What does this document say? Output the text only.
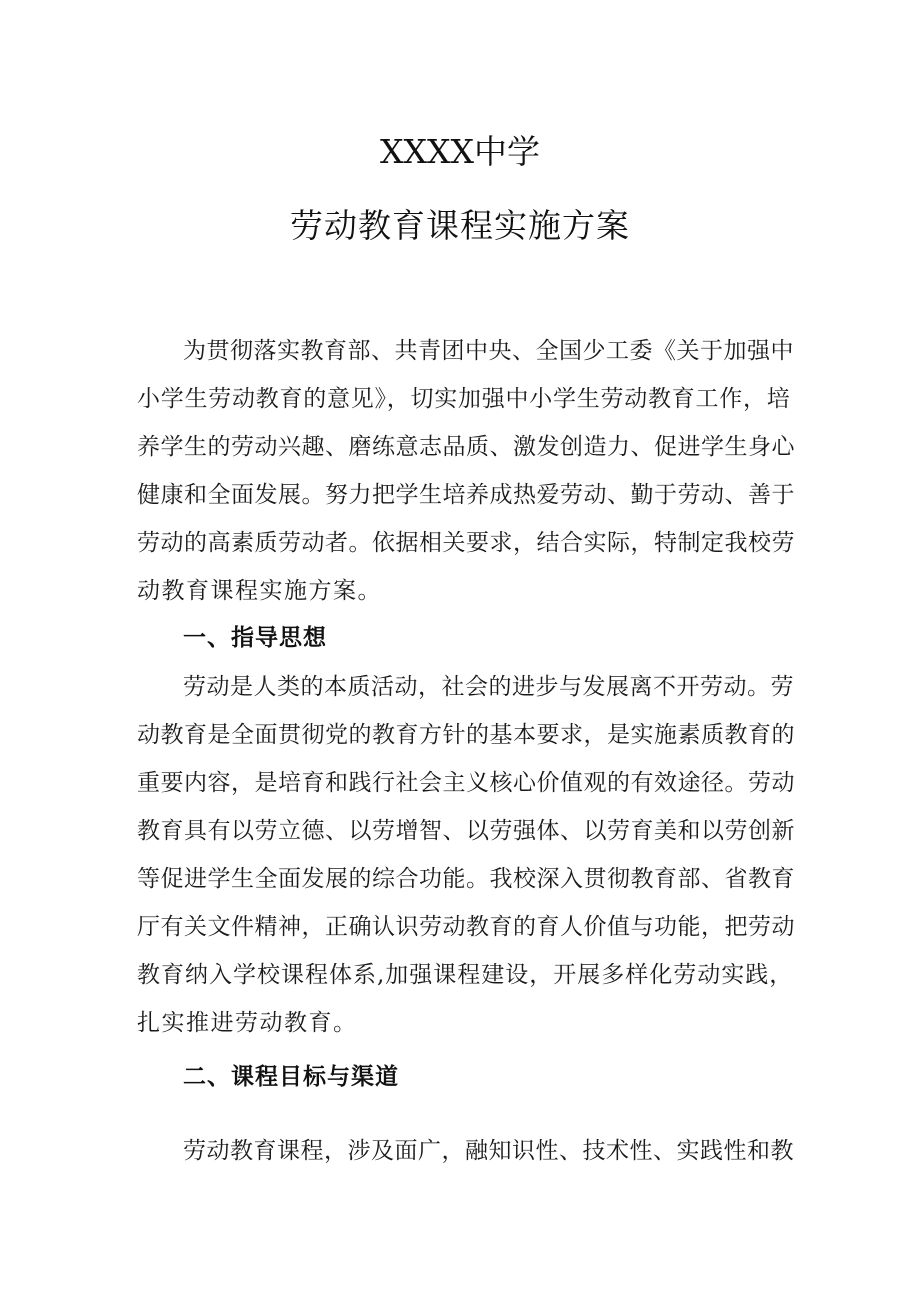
XXXX中学
劳动教育课程实施方案
为贯彻落实教育部、共青团中央、全国少工委《关于加强中
小学生劳动教育的意见》，切实加强中小学生劳动教育工作，培
养学生的劳动兴趣、磨练意志品质、激发创造力、促进学生身心
健康和全面发展。努力把学生培养成热爱劳动、勤于劳动、善于
劳动的高素质劳动者。依据相关要求，结合实际，特制定我校劳
动教育课程实施方案。
一、指导思想
劳动是人类的本质活动，社会的进步与发展离不开劳动。劳
动教育是全面贯彻党的教育方针的基本要求，是实施素质教育的
重要内容，是培育和践行社会主义核心价值观的有效途径。劳动
教育具有以劳立德、以劳增智、以劳强体、以劳育美和以劳创新
等促进学生全面发展的综合功能。我校深入贯彻教育部、省教育
厅有关文件精神，正确认识劳动教育的育人价值与功能，把劳动
教育纳入学校课程体系,加强课程建设，开展多样化劳动实践，
扎实推进劳动教育。
二、课程目标与渠道
劳动教育课程，涉及面广，融知识性、技术性、实践性和教
